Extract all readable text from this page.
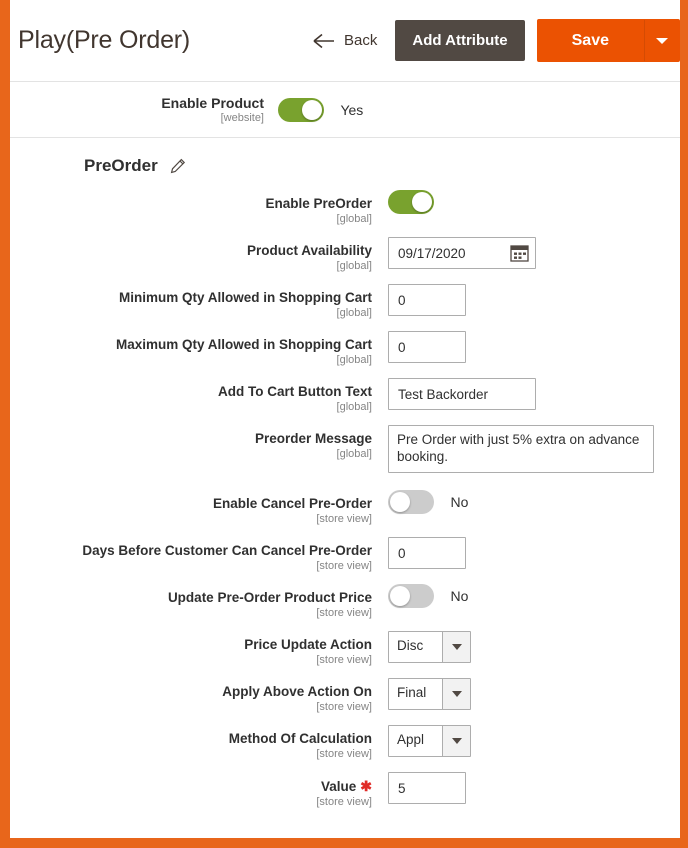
Play(Pre Order)	Back	Add Attribute	Save
Enable Product
[website]
Yes
PreOrder
Enable PreOrder
[global]
Product Availability
[global]
09/17/2020
Minimum Qty Allowed in Shopping Cart
[global]
0
Maximum Qty Allowed in Shopping Cart
[global]
0
Add To Cart Button Text
[global]
Test Backorder
Preorder Message
[global]
Pre Order with just 5% extra on advance booking.
Enable Cancel Pre-Order
[store view]
No
Days Before Customer Can Cancel Pre-Order
[store view]
0
Update Pre-Order Product Price
[store view]
No
Price Update Action
[store view]
Disc
Apply Above Action On
[store view]
Final
Method Of Calculation
[store view]
Appl
Value ✱
[store view]
5
